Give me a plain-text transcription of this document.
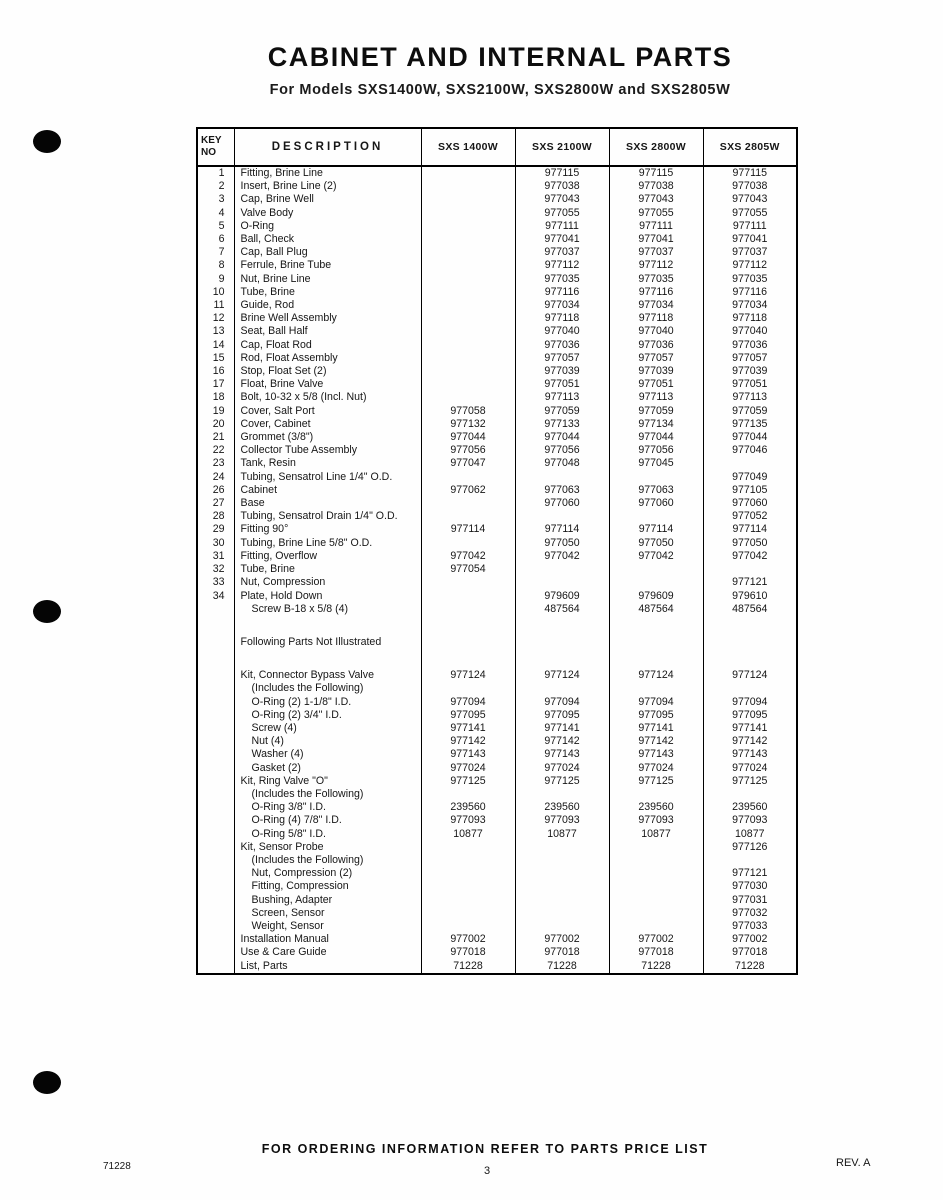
CABINET AND INTERNAL PARTS
For Models SXS1400W, SXS2100W, SXS2800W and SXS2805W
KEY
NO	DESCRIPTION	SXS 1400W	SXS 2100W	SXS 2800W	SXS 2805W
1	Fitting, Brine Line		977115	977115	977115
2	Insert, Brine Line (2)		977038	977038	977038
3	Cap, Brine Well		977043	977043	977043
4	Valve Body		977055	977055	977055
5	O-Ring		977111	977111	977111
6	Ball, Check		977041	977041	977041
7	Cap, Ball Plug		977037	977037	977037
8	Ferrule, Brine Tube		977112	977112	977112
9	Nut, Brine Line		977035	977035	977035
10	Tube, Brine		977116	977116	977116
11	Guide, Rod		977034	977034	977034
12	Brine Well Assembly		977118	977118	977118
13	Seat, Ball Half		977040	977040	977040
14	Cap, Float Rod		977036	977036	977036
15	Rod, Float Assembly		977057	977057	977057
16	Stop, Float Set (2)		977039	977039	977039
17	Float, Brine Valve		977051	977051	977051
18	Bolt, 10-32 x 5/8 (Incl. Nut)		977113	977113	977113
19	Cover, Salt Port	977058	977059	977059	977059
20	Cover, Cabinet	977132	977133	977134	977135
21	Grommet (3/8")	977044	977044	977044	977044
22	Collector Tube Assembly	977056	977056	977056	977046
23	Tank, Resin	977047	977048	977045	
24	Tubing, Sensatrol Line 1/4" O.D.				977049
26	Cabinet	977062	977063	977063	977105
27	Base		977060	977060	977060
28	Tubing, Sensatrol Drain 1/4" O.D.				977052
29	Fitting 90°	977114	977114	977114	977114
30	Tubing, Brine Line 5/8" O.D.		977050	977050	977050
31	Fitting, Overflow	977042	977042	977042	977042
32	Tube, Brine	977054			
33	Nut, Compression				977121
34	Plate, Hold Down		979609	979609	979610
	Screw B-18 x 5/8 (4)		487564	487564	487564

	Following Parts Not Illustrated				

	Kit, Connector Bypass Valve	977124	977124	977124	977124
	(Includes the Following)				
	O-Ring (2) 1-1/8" I.D.	977094	977094	977094	977094
	O-Ring (2) 3/4" I.D.	977095	977095	977095	977095
	Screw (4)	977141	977141	977141	977141
	Nut (4)	977142	977142	977142	977142
	Washer (4)	977143	977143	977143	977143
	Gasket (2)	977024	977024	977024	977024
	Kit, Ring Valve "O"	977125	977125	977125	977125
	(Includes the Following)				
	O-Ring 3/8" I.D.	239560	239560	239560	239560
	O-Ring (4) 7/8" I.D.	977093	977093	977093	977093
	O-Ring 5/8" I.D.	10877	10877	10877	10877
	Kit, Sensor Probe				977126
	(Includes the Following)				
	Nut, Compression (2)				977121
	Fitting, Compression				977030
	Bushing, Adapter				977031
	Screen, Sensor				977032
	Weight, Sensor				977033
	Installation Manual	977002	977002	977002	977002
	Use & Care Guide	977018	977018	977018	977018
	List, Parts	71228	71228	71228	71228
FOR ORDERING INFORMATION REFER TO PARTS PRICE LIST
71228	3
REV. A
